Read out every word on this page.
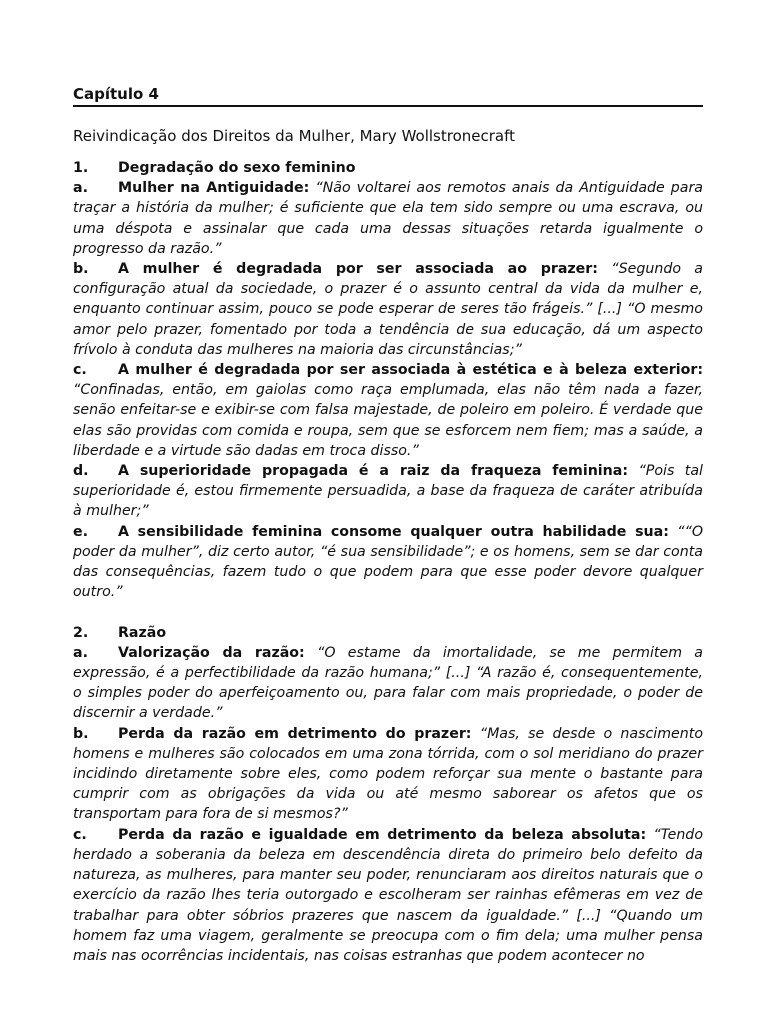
Capítulo 4

Reivindicação dos Direitos da Mulher, Mary Wollstronecraft

1. Degradação do sexo feminino

a. Mulher na Antiguidade: “Não voltarei aos remotos anais da Antiguidade para traçar a história da mulher; é suficiente que ela tem sido sempre ou uma escrava, ou uma déspota e assinalar que cada uma dessas situações retarda igualmente o progresso da razão.”

b. A mulher é degradada por ser associada ao prazer: “Segundo a configuração atual da sociedade, o prazer é o assunto central da vida da mulher e, enquanto continuar assim, pouco se pode esperar de seres tão frágeis.” [...] “O mesmo amor pelo prazer, fomentado por toda a tendência de sua educação, dá um aspecto frívolo à conduta das mulheres na maioria das circunstâncias;”

c. A mulher é degradada por ser associada à estética e à beleza exterior: “Confinadas, então, em gaiolas como raça emplumada, elas não têm nada a fazer, senão enfeitar-se e exibir-se com falsa majestade, de poleiro em poleiro. É verdade que elas são providas com comida e roupa, sem que se esforcem nem fiem; mas a saúde, a liberdade e a virtude são dadas em troca disso.”

d. A superioridade propagada é a raiz da fraqueza feminina: “Pois tal superioridade é, estou firmemente persuadida, a base da fraqueza de caráter atribuída à mulher;”

e. A sensibilidade feminina consome qualquer outra habilidade sua: ““O poder da mulher”, diz certo autor, “é sua sensibilidade”; e os homens, sem se dar conta das consequências, fazem tudo o que podem para que esse poder devore qualquer outro.”

2. Razão

a. Valorização da razão: “O estame da imortalidade, se me permitem a expressão, é a perfectibilidade da razão humana;” [...] “A razão é, consequentemente, o simples poder do aperfeiçoamento ou, para falar com mais propriedade, o poder de discernir a verdade.”

b. Perda da razão em detrimento do prazer: “Mas, se desde o nascimento homens e mulheres são colocados em uma zona tórrida, com o sol meridiano do prazer incidindo diretamente sobre eles, como podem reforçar sua mente o bastante para cumprir com as obrigações da vida ou até mesmo saborear os afetos que os transportam para fora de si mesmos?”

c. Perda da razão e igualdade em detrimento da beleza absoluta: “Tendo herdado a soberania da beleza em descendência direta do primeiro belo defeito da natureza, as mulheres, para manter seu poder, renunciaram aos direitos naturais que o exercício da razão lhes teria outorgado e escolheram ser rainhas efêmeras em vez de trabalhar para obter sóbrios prazeres que nascem da igualdade.” [...] “Quando um homem faz uma viagem, geralmente se preocupa com o fim dela; uma mulher pensa mais nas ocorrências incidentais, nas coisas estranhas que podem acontecer no
